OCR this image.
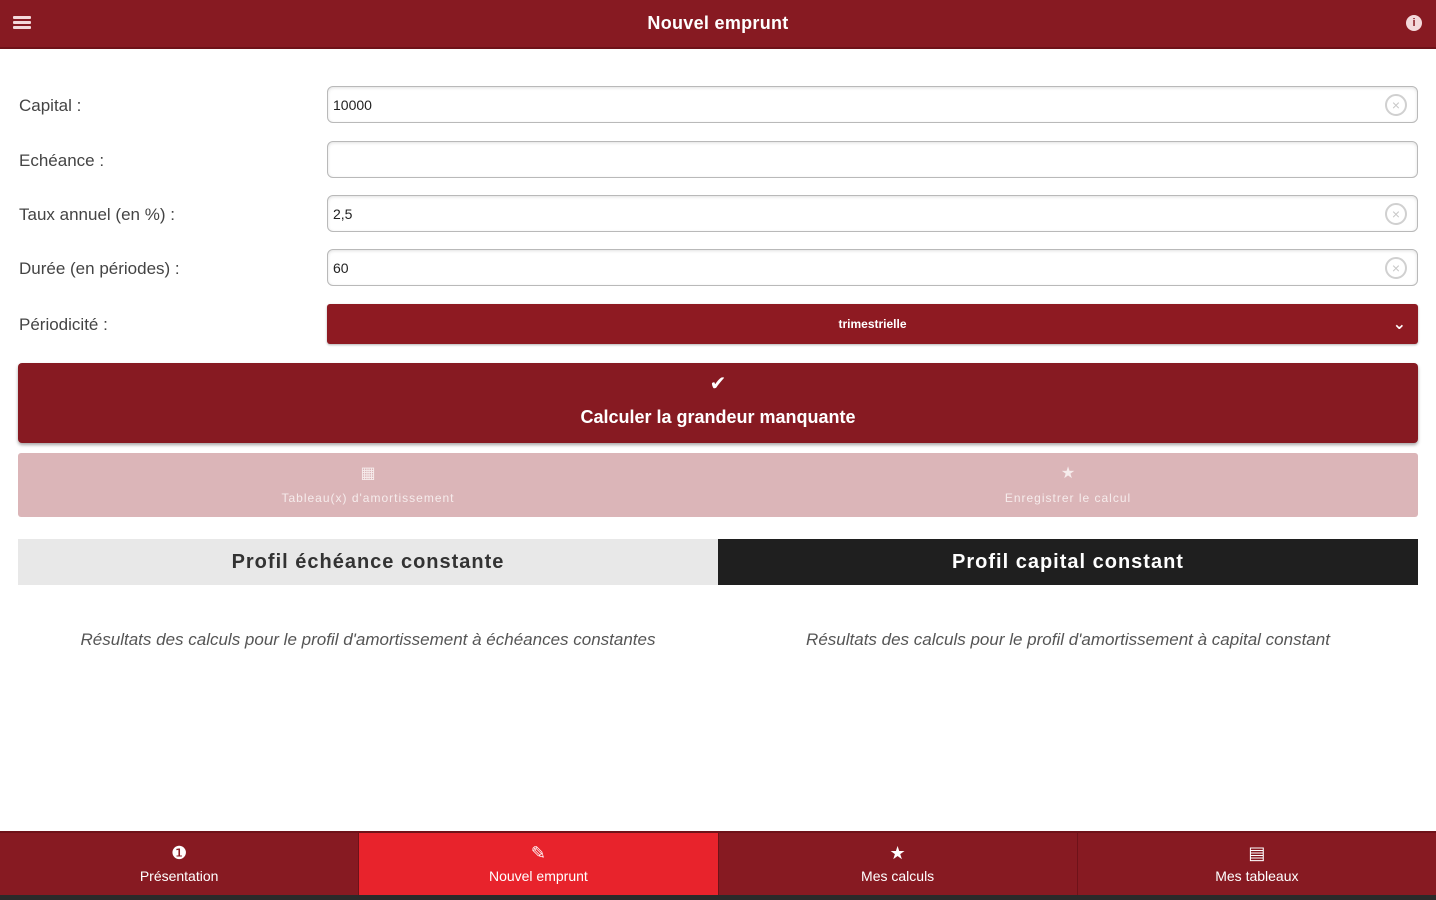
Nouvel emprunt	i
Capital :
10000	×
Echéance :
Taux annuel (en %) :
2,5	×
Durée (en périodes) :
60	×
Périodicité :	trimestrielle	⌄
✔
Calculer la grandeur manquante
▦
Tableau(x) d'amortissement
★
Enregistrer le calcul
Profil échéance constante	Profil capital constant
Résultats des calculs pour le profil d'amortissement à échéances constantes	Résultats des calculs pour le profil d'amortissement à capital constant
❶
Présentation
✎
Nouvel emprunt
★
Mes calculs
▤
Mes tableaux
